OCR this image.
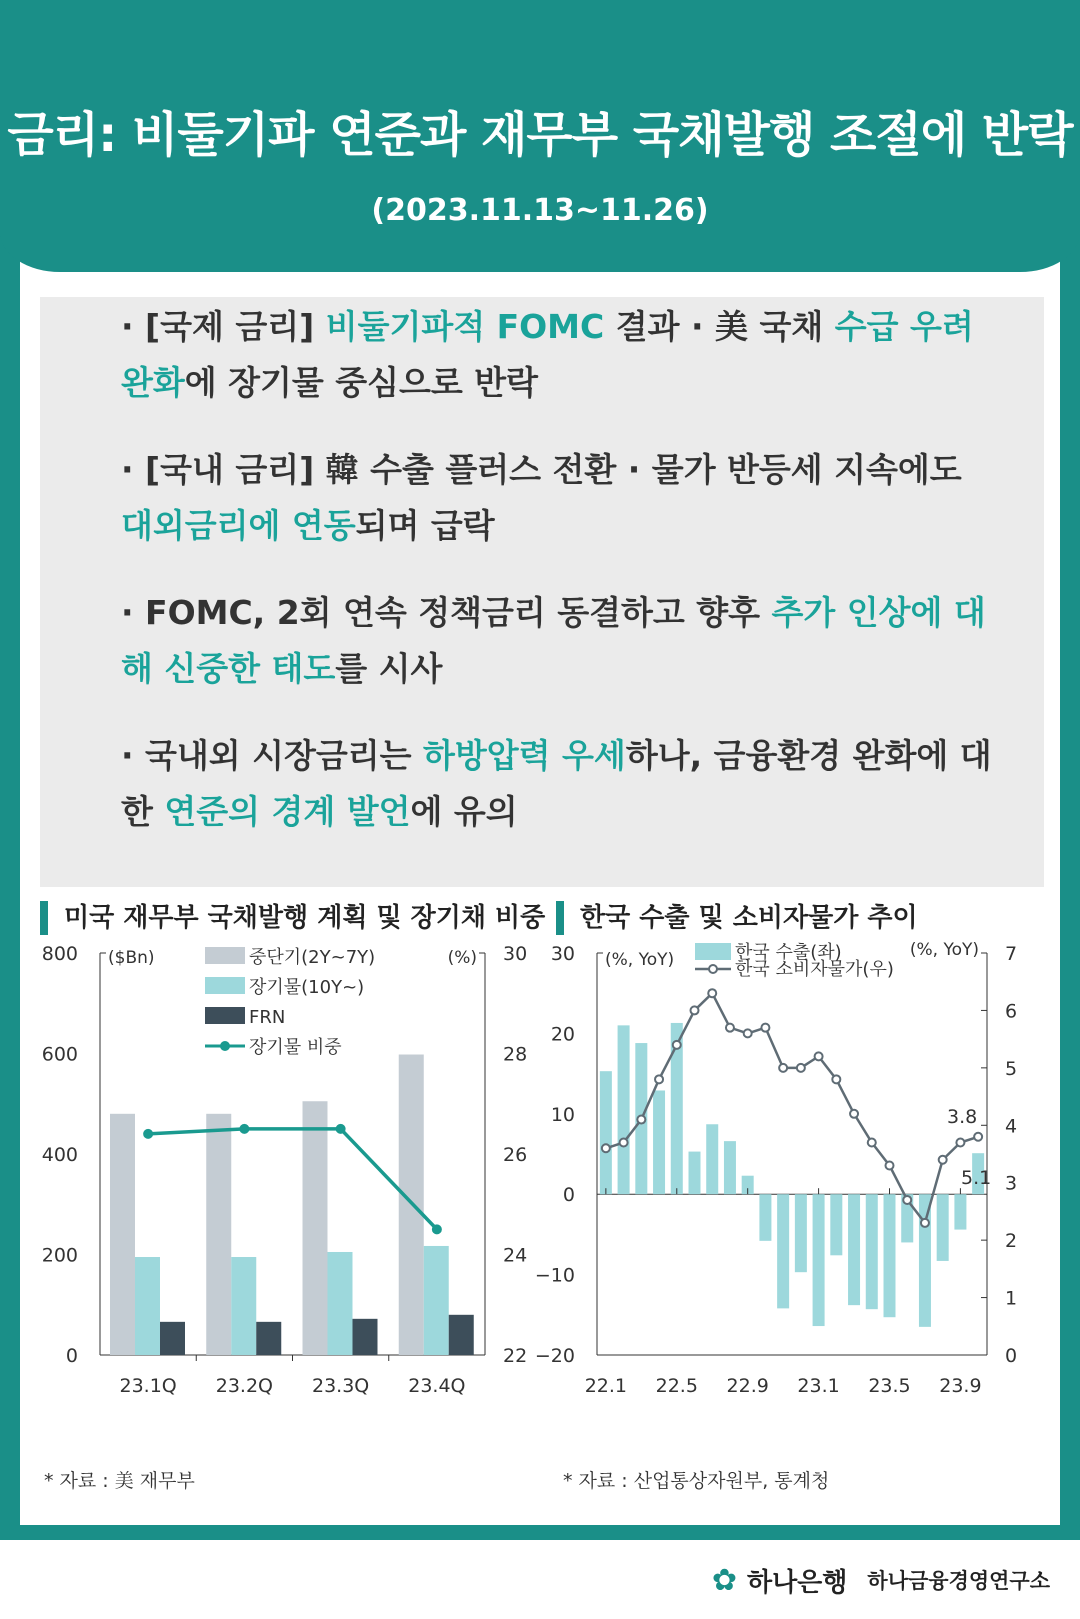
금리: 비둘기파 연준과 재무부 국채발행 조절에 반락
(2023.11.13~11.26)
· [국제 금리] 비둘기파적 FOMC 결과 · 美 국채 수급 우려 완화에 장기물 중심으로 반락
· [국내 금리] 韓 수출 플러스 전환 · 물가 반등세 지속에도 대외금리에 연동되며 급락
· FOMC, 2회 연속 정책금리 동결하고 향후 추가 인상에 대해 신중한 태도를 시사
· 국내외 시장금리는 하방압력 우세하나, 금융환경 완화에 대한 연준의 경계 발언에 유의
미국 재무부 국채발행 계획 및 장기채 비중	한국 수출 및 소비자물가 추이
800
600
400
200
0
30
28
26
24
22
($Bn)	(%)
23.1Q 23.2Q 23.3Q 23.4Q
중단기(2Y~7Y)
장기물(10Y~)
FRN
장기물 비중
30
20
10
0
−10
−20
7
6
5
4
3
2
1
0
(%, YoY)	(%, YoY)
22.1 22.5 22.9 23.1 23.5 23.9
3.8
5.1
한국 수출(좌)
한국 소비자물가(우)
* 자료 : 美 재무부	* 자료 : 산업통상자원부, 통계청
✿ 하나은행 하나금융경영연구소
